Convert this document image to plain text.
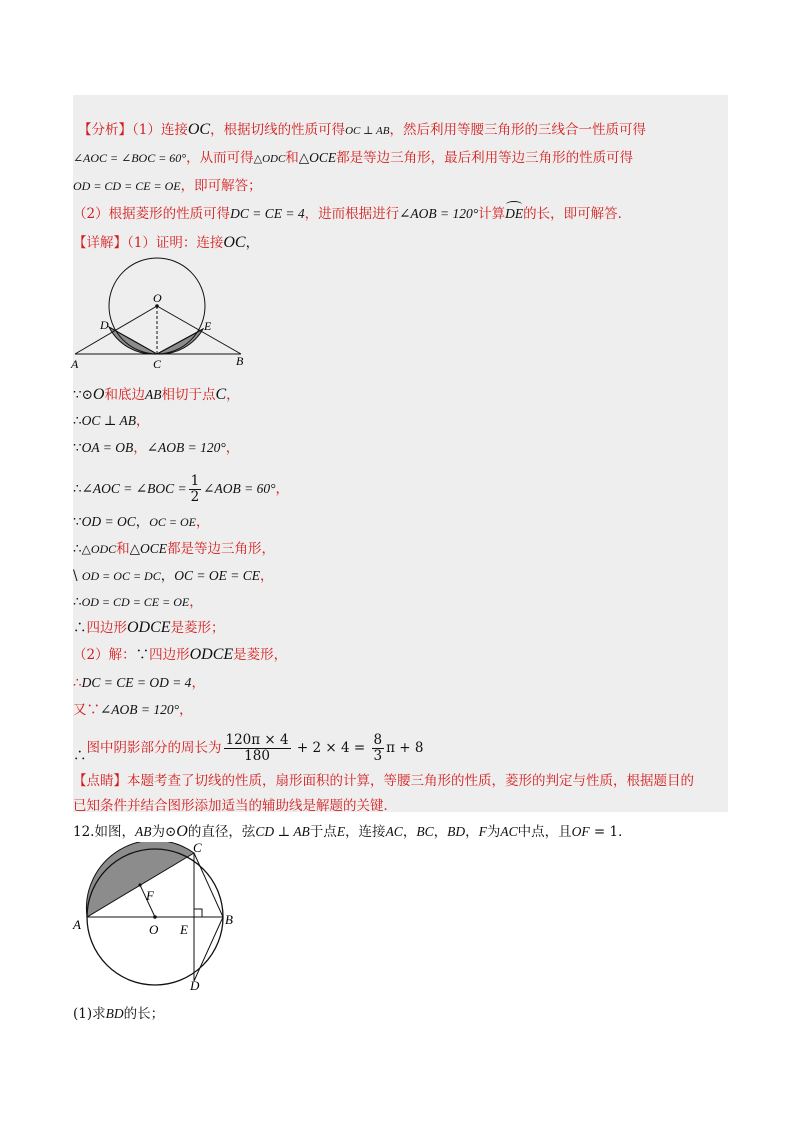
【分析】（1）连接OC，根据切线的性质可得OC ⊥ AB，然后利用等腰三角形的三线合一性质可得
∠AOC = ∠BOC = 60°，从而可得△ODC和△OCE都是等边三角形，最后利用等边三角形的性质可得
OD = CD = CE = OE，即可解答；
（2）根据菱形的性质可得DC = CE = 4，进而根据进行∠AOB = 120°计算DE的长，即可解答．
【详解】（1）证明：连接OC，
O
D	E
A	C	B
∵⊙O和底边AB相切于点C，
∴OC ⊥ AB，
∵OA = OB，∠AOB = 120°，
∴∠AOC = ∠BOC = $\frac{1}{2}$ ∠AOB = 60°，
∵OD = OC，OC = OE，
∴△ODC和△OCE都是等边三角形，
\ OD = OC = DC，OC = OE = CE，
∴OD = CD = CE = OE，
∴四边形ODCE是菱形；
（2）解：∵四边形ODCE是菱形，
∴DC = CE = OD = 4，
又∵∠AOB = 120°，
∴图中阴影部分的周长为 $\frac{120\pi \times 4}{180} + 2 \times 4 = \frac{8}{3}$ π + 8
【点睛】本题考查了切线的性质，扇形面积的计算，等腰三角形的性质，菱形的判定与性质，根据题目的
已知条件并结合图形添加适当的辅助线是解题的关键．
12.如图，AB为⊙O的直径，弦CD ⊥ AB于点E，连接AC，BC，BD，F为AC中点，且OF = 1．
C
F
A	O E
B
D
(1)求BD的长；
